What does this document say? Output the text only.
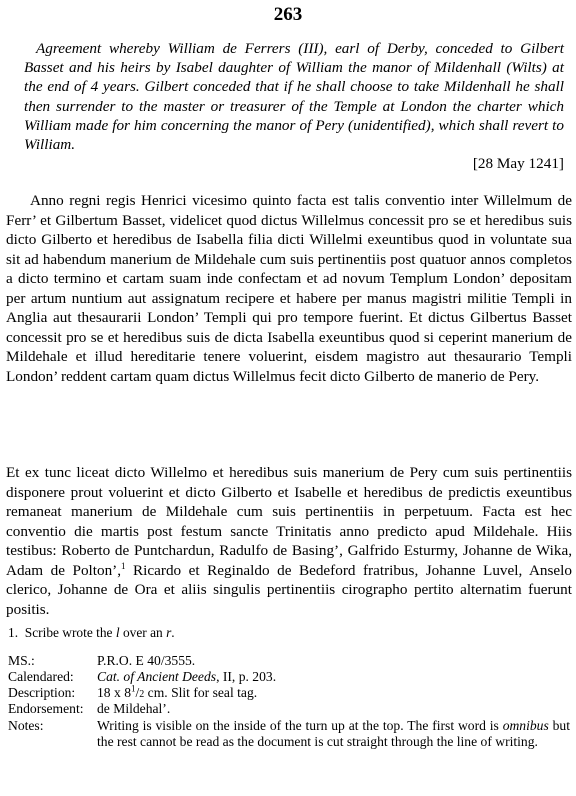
263
Agreement whereby William de Ferrers (III), earl of Derby, conceded to Gilbert Basset and his heirs by Isabel daughter of William the manor of Mildenhall (Wilts) at the end of 4 years. Gilbert conceded that if he shall choose to take Mildenhall he shall then surrender to the master or treasurer of the Temple at London the charter which William made for him concerning the manor of Pery (unidentified), which shall revert to William.
[28 May 1241]
Anno regni regis Henrici vicesimo quinto facta est talis conventio inter Willelmum de Ferr’ et Gilbertum Basset, videlicet quod dictus Willelmus concessit pro se et heredibus suis dicto Gilberto et heredibus de Isabella filia dicti Willelmi exeuntibus quod in voluntate sua sit ad habendum manerium de Mildehale cum suis pertinentiis post quatuor annos completos a dicto termino et cartam suam inde confectam et ad novum Templum London’ depositam per artum nuntium aut assignatum recipere et habere per manus magistri militie Templi in Anglia aut thesaurarii London’ Templi qui pro tempore fuerint. Et dictus Gilbertus Basset concessit pro se et heredibus suis de dicta Isabella exeuntibus quod si ceperint manerium de Mildehale et illud hereditarie tenere voluerint, eisdem magistro aut thesaurario Templi London’ reddent cartam quam dictus Willelmus fecit dicto Gilberto de manerio de Pery.
Et ex tunc liceat dicto Willelmo et heredibus suis manerium de Pery cum suis pertinentiis disponere prout voluerint et dicto Gilberto et Isabelle et heredibus de predictis exeuntibus remaneat manerium de Mildehale cum suis pertinentiis in perpetuum. Facta est hec conventio die martis post festum sancte Trinitatis anno predicto apud Mildehale. Hiis testibus: Roberto de Puntchardun, Radulfo de Basing’, Galfrido Esturmy, Johanne de Wika, Adam de Polton’,$^1$ Ricardo et Reginaldo de Bedeford fratribus, Johanne Luvel, Anselo clerico, Johanne de Ora et aliis singulis pertinentiis cirographo pertito alternatim fuerunt positis.
1. Scribe wrote the l over an r.
MS.:	P.R.O. E 40/3555.
Calendared: Cat. of Ancient Deeds, II, p. 203.
Description: 18 x $8^1/2$ cm. Slit for seal tag.
Endorsement: de Mildehal’.
Notes:	Writing is visible on the inside of the turn up at the top. The first word is omnibus but the rest cannot be read as the document is cut straight through the line of writing.
